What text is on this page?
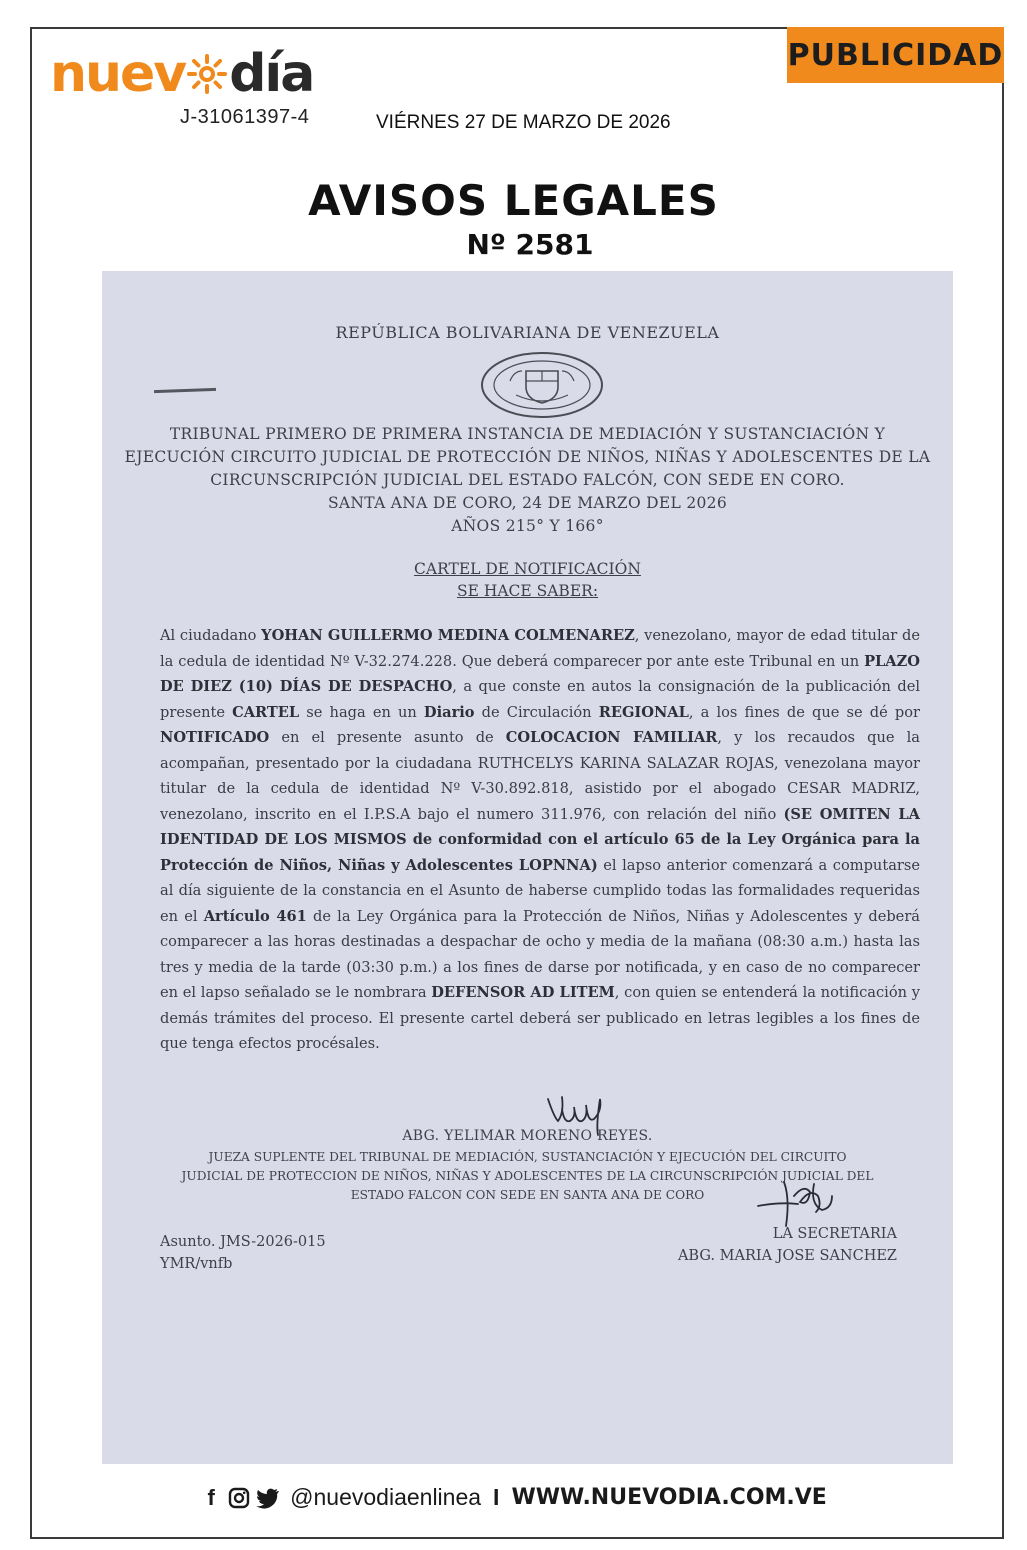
nuev día
J-31061397-4	VIÉRNES 27 DE MARZO DE 2026
PUBLICIDAD
AVISOS LEGALES
Nº 2581
REPÚBLICA BOLIVARIANA DE VENEZUELA
TRIBUNAL PRIMERO DE PRIMERA INSTANCIA DE MEDIACIÓN Y SUSTANCIACIÓN Y
EJECUCIÓN CIRCUITO JUDICIAL DE PROTECCIÓN DE NIÑOS, NIÑAS Y ADOLESCENTES DE LA
CIRCUNSCRIPCIÓN JUDICIAL DEL ESTADO FALCÓN, CON SEDE EN CORO.
SANTA ANA DE CORO, 24 DE MARZO DEL 2026
AÑOS 215° Y 166°
CARTEL DE NOTIFICACIÓN
SE HACE SABER:
Al ciudadano YOHAN GUILLERMO MEDINA COLMENAREZ, venezolano, mayor de edad titular de la cedula de identidad Nº V-32.274.228. Que deberá comparecer por ante este Tribunal en un PLAZO DE DIEZ (10) DÍAS DE DESPACHO, a que conste en autos la consignación de la publicación del presente CARTEL se haga en un Diario de Circulación REGIONAL, a los fines de que se dé por NOTIFICADO en el presente asunto de COLOCACION FAMILIAR, y los recaudos que la acompañan, presentado por la ciudadana RUTHCELYS KARINA SALAZAR ROJAS, venezolana mayor titular de la cedula de identidad Nº V-30.892.818, asistido por el abogado CESAR MADRIZ, venezolano, inscrito en el I.P.S.A bajo el numero 311.976, con relación del niño (SE OMITEN LA IDENTIDAD DE LOS MISMOS de conformidad con el artículo 65 de la Ley Orgánica para la Protección de Niños, Niñas y Adolescentes LOPNNA) el lapso anterior comenzará a computarse al día siguiente de la constancia en el Asunto de haberse cumplido todas las formalidades requeridas en el Artículo 461 de la Ley Orgánica para la Protección de Niños, Niñas y Adolescentes y deberá comparecer a las horas destinadas a despachar de ocho y media de la mañana (08:30 a.m.) hasta las tres y media de la tarde (03:30 p.m.) a los fines de darse por notificada, y en caso de no comparecer en el lapso señalado se le nombrara DEFENSOR AD LITEM, con quien se entenderá la notificación y demás trámites del proceso. El presente cartel deberá ser publicado en letras legibles a los fines de que tenga efectos procésales.
ABG. YELIMAR MORENO REYES.
JUEZA SUPLENTE DEL TRIBUNAL DE MEDIACIÓN, SUSTANCIACIÓN Y EJECUCIÓN DEL CIRCUITO
JUDICIAL DE PROTECCION DE NIÑOS, NIÑAS Y ADOLESCENTES DE LA CIRCUNSCRIPCIÓN JUDICIAL DEL
ESTADO FALCON CON SEDE EN SANTA ANA DE CORO
Asunto. JMS-2026-015
YMR/vnfb
LA SECRETARIA
ABG. MARIA JOSE SANCHEZ
f	@nuevodiaenlinea I WWW.NUEVODIA.COM.VE
